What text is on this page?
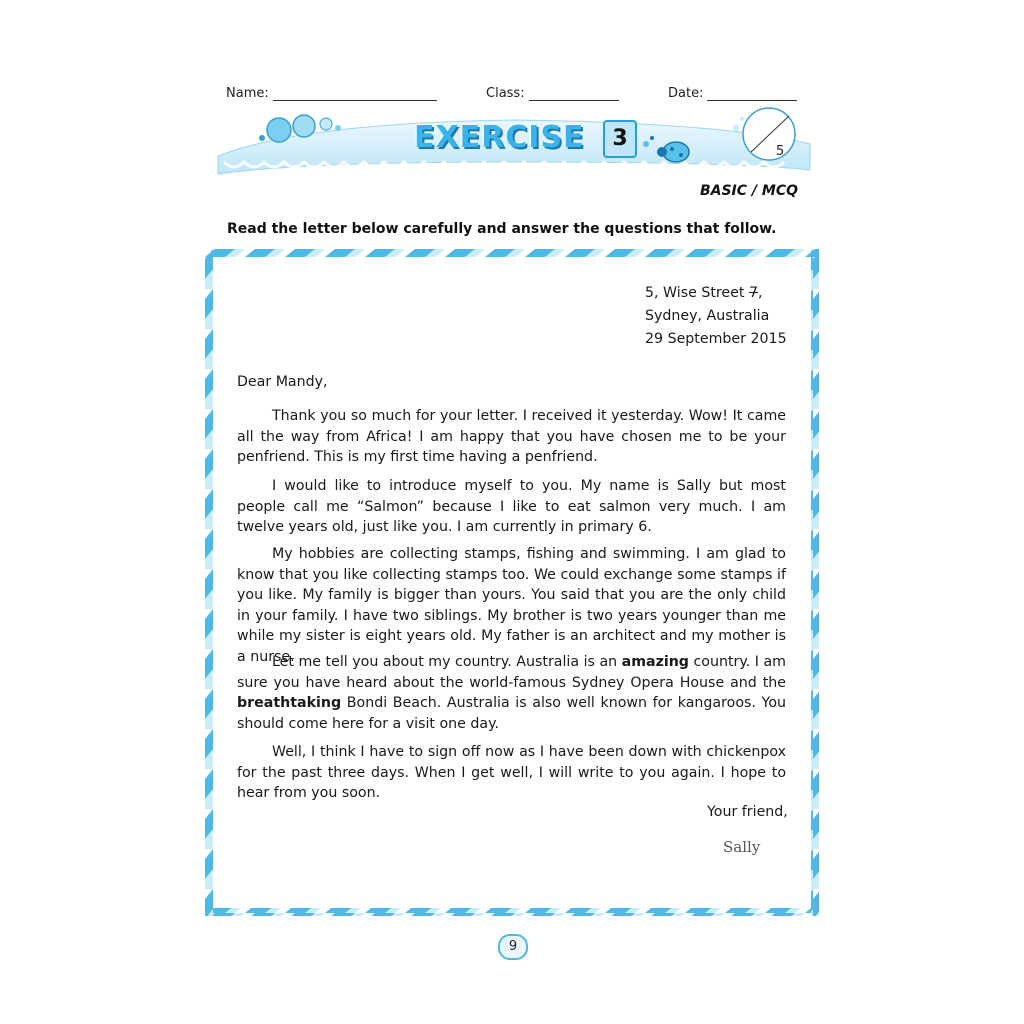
Name:	Class:	Date:
EXERCISE	3
5
BASIC / MCQ
Read the letter below carefully and answer the questions that follow.
5, Wise Street 7,
Sydney, Australia
29 September 2015
Dear Mandy,

Thank you so much for your letter. I received it yesterday. Wow! It came all the way from Africa! I am happy that you have chosen me to be your penfriend. This is my first time having a penfriend.

I would like to introduce myself to you. My name is Sally but most people call me “Salmon” because I like to eat salmon very much. I am twelve years old, just like you. I am currently in primary 6.

My hobbies are collecting stamps, fishing and swimming. I am glad to know that you like collecting stamps too. We could exchange some stamps if you like. My family is bigger than yours. You said that you are the only child in your family. I have two siblings. My brother is two years younger than me while my sister is eight years old. My father is an architect and my mother is a nurse.

Let me tell you about my country. Australia is an amazing country. I am sure you have heard about the world-famous Sydney Opera House and the breathtaking Bondi Beach. Australia is also well known for kangaroos. You should come here for a visit one day.

Well, I think I have to sign off now as I have been down with chickenpox for the past three days. When I get well, I will write to you again. I hope to hear from you soon.

Your friend,
Sally
9
